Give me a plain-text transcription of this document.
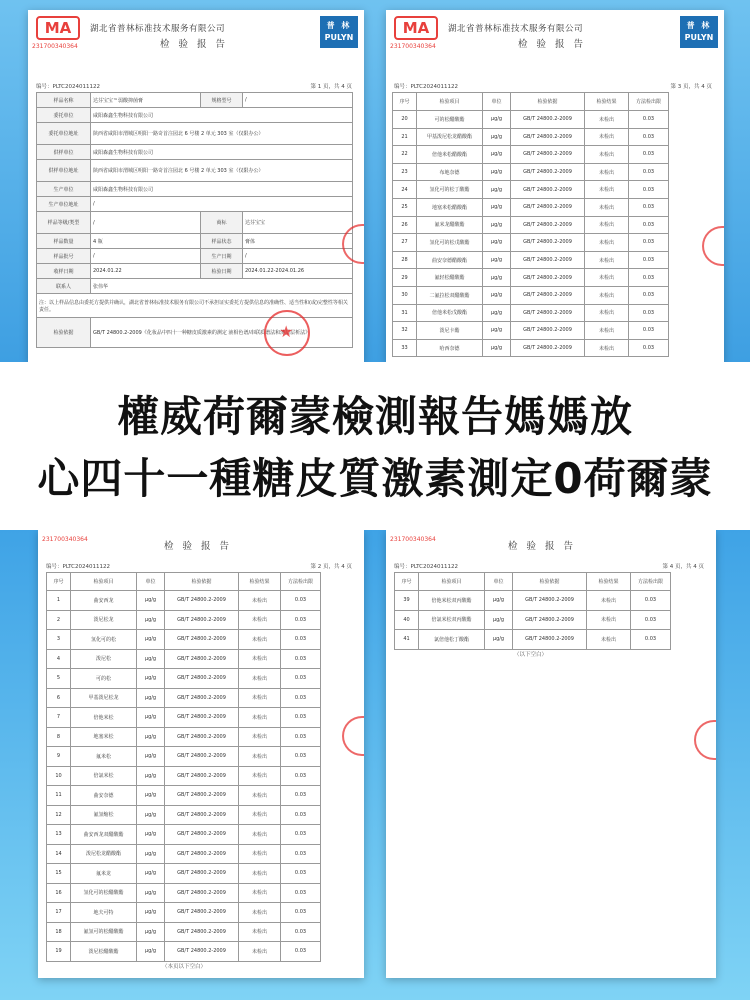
MA
231700340364
湖北省普林标准技术服务有限公司
检 验 报 告
普 林
PULYN
编号：PLTC2024011122	第 1 页，共 4 页
样品名称	达芬宝宝™弱酸抑菌膏	规格型号	/
委托单位	咸阳森鑫生物科技有限公司		
委托单位地址	陕西省咸阳市渭城区明阳一路奇首注园北 6 号楼 2 单元 303 室（仅限办公）		
供样单位	咸阳森鑫生物科技有限公司		
供样单位地址	陕西省咸阳市渭城区明阳一路奇首注园北 6 号楼 2 单元 303 室（仅限办公）		
生产单位	咸阳森鑫生物科技有限公司		
生产单位地址	/		
样品等级/类型	/	商标	达芬宝宝
样品数量	4 瓶	样品状态	膏体
样品批号	/	生产日期	/
收样日期	2024.01.22	检验日期	2024.01.22-2024.01.26
联系人	张伟华		
注：以上样品信息由委托方提供并确认，湖北省普林标准技术服务有限公司不承担证实委托方提供信息的准确性、适当性和(或)完整性等相关责任。			
检验依据	GB/T 24800.2-2009《化妆品中四十一种糖皮质激素的测定 液相色谱/串联质谱法和薄层层析法》		
★
MA
231700340364
湖北省普林标准技术服务有限公司
检 验 报 告
普 林
PULYN
编号：PLTC2024011122	第 3 页，共 4 页
序号	检验项目	单位	检验依据	检验结果	方法检出限
20	可的松醋酸酯	μg/g	GB/T 24800.2-2009	未检出	0.03
21	甲基泼尼松龙醋酸酯	μg/g	GB/T 24800.2-2009	未检出	0.03
22	倍他米松醋酸酯	μg/g	GB/T 24800.2-2009	未检出	0.03
23	布地奈德	μg/g	GB/T 24800.2-2009	未检出	0.03
24	氢化可的松丁酸酯	μg/g	GB/T 24800.2-2009	未检出	0.03
25	地塞米松醋酸酯	μg/g	GB/T 24800.2-2009	未检出	0.03
26	氟米龙醋酸酯	μg/g	GB/T 24800.2-2009	未检出	0.03
27	氢化可的松戊酸酯	μg/g	GB/T 24800.2-2009	未检出	0.03
28	曲安奈德醋酸酯	μg/g	GB/T 24800.2-2009	未检出	0.03
29	氟轻松醋酸酯	μg/g	GB/T 24800.2-2009	未检出	0.03
30	二氟拉松双醋酸酯	μg/g	GB/T 24800.2-2009	未检出	0.03
31	倍他米松戊酸酯	μg/g	GB/T 24800.2-2009	未检出	0.03
32	泼尼卡酯	μg/g	GB/T 24800.2-2009	未检出	0.03
33	哈西奈德	μg/g	GB/T 24800.2-2009	未检出	0.03
231700340364
检 验 报 告
编号：PLTC2024011122	第 2 页，共 4 页
序号	检验项目	单位	检验依据	检验结果	方法检出限
1	曲安西龙	μg/g	GB/T 24800.2-2009	未检出	0.03
2	泼尼松龙	μg/g	GB/T 24800.2-2009	未检出	0.03
3	氢化可的松	μg/g	GB/T 24800.2-2009	未检出	0.03
4	泼尼松	μg/g	GB/T 24800.2-2009	未检出	0.03
5	可的松	μg/g	GB/T 24800.2-2009	未检出	0.03
6	甲基泼尼松龙	μg/g	GB/T 24800.2-2009	未检出	0.03
7	倍他米松	μg/g	GB/T 24800.2-2009	未检出	0.03
8	地塞米松	μg/g	GB/T 24800.2-2009	未检出	0.03
9	氟米松	μg/g	GB/T 24800.2-2009	未检出	0.03
10	倍氯米松	μg/g	GB/T 24800.2-2009	未检出	0.03
11	曲安奈德	μg/g	GB/T 24800.2-2009	未检出	0.03
12	氟氢缩松	μg/g	GB/T 24800.2-2009	未检出	0.03
13	曲安西龙双醋酸酯	μg/g	GB/T 24800.2-2009	未检出	0.03
14	泼尼松龙醋酸酯	μg/g	GB/T 24800.2-2009	未检出	0.03
15	氟米龙	μg/g	GB/T 24800.2-2009	未检出	0.03
16	氢化可的松醋酸酯	μg/g	GB/T 24800.2-2009	未检出	0.03
17	地夫可特	μg/g	GB/T 24800.2-2009	未检出	0.03
18	氟氢可的松醋酸酯	μg/g	GB/T 24800.2-2009	未检出	0.03
19	泼尼松醋酸酯	μg/g	GB/T 24800.2-2009	未检出	0.03
（本页以下空白）
231700340364
检 验 报 告
编号：PLTC2024011122	第 4 页，共 4 页
序号	检验项目	单位	检验依据	检验结果	方法检出限
39	倍他米松双丙酸酯	μg/g	GB/T 24800.2-2009	未检出	0.03
40	倍氯米松双丙酸酯	μg/g	GB/T 24800.2-2009	未检出	0.03
41	氯倍他松丁酸酯	μg/g	GB/T 24800.2-2009	未检出	0.03
（以下空白）
權威荷爾蒙檢測報告媽媽放
心四十一種糖皮質激素測定0荷爾蒙
